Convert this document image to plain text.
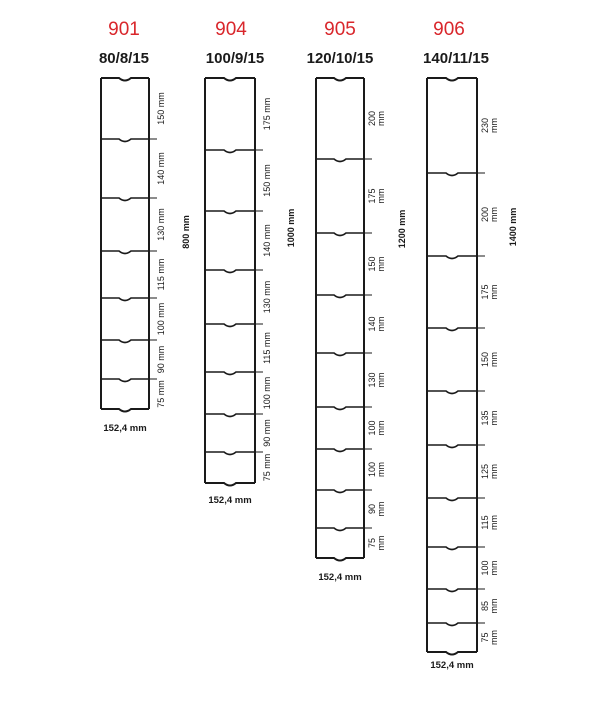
901
80/8/15
150 mm
140 mm
130 mm
115 mm
100 mm
90 mm
75 mm
800 mm
152,4 mm
904
100/9/15
175 mm
150 mm
140 mm
130 mm
115 mm
100 mm
90 mm
75 mm
1000 mm
152,4 mm
905
120/10/15
200 mm
175 mm
150 mm
140 mm
130 mm
100 mm
100 mm
90 mm
75 mm
1200 mm
152,4 mm
906
140/11/15
230 mm
200 mm
175 mm
150 mm
135 mm
125 mm
115 mm
100 mm
85 mm
75 mm
1400 mm
152,4 mm
